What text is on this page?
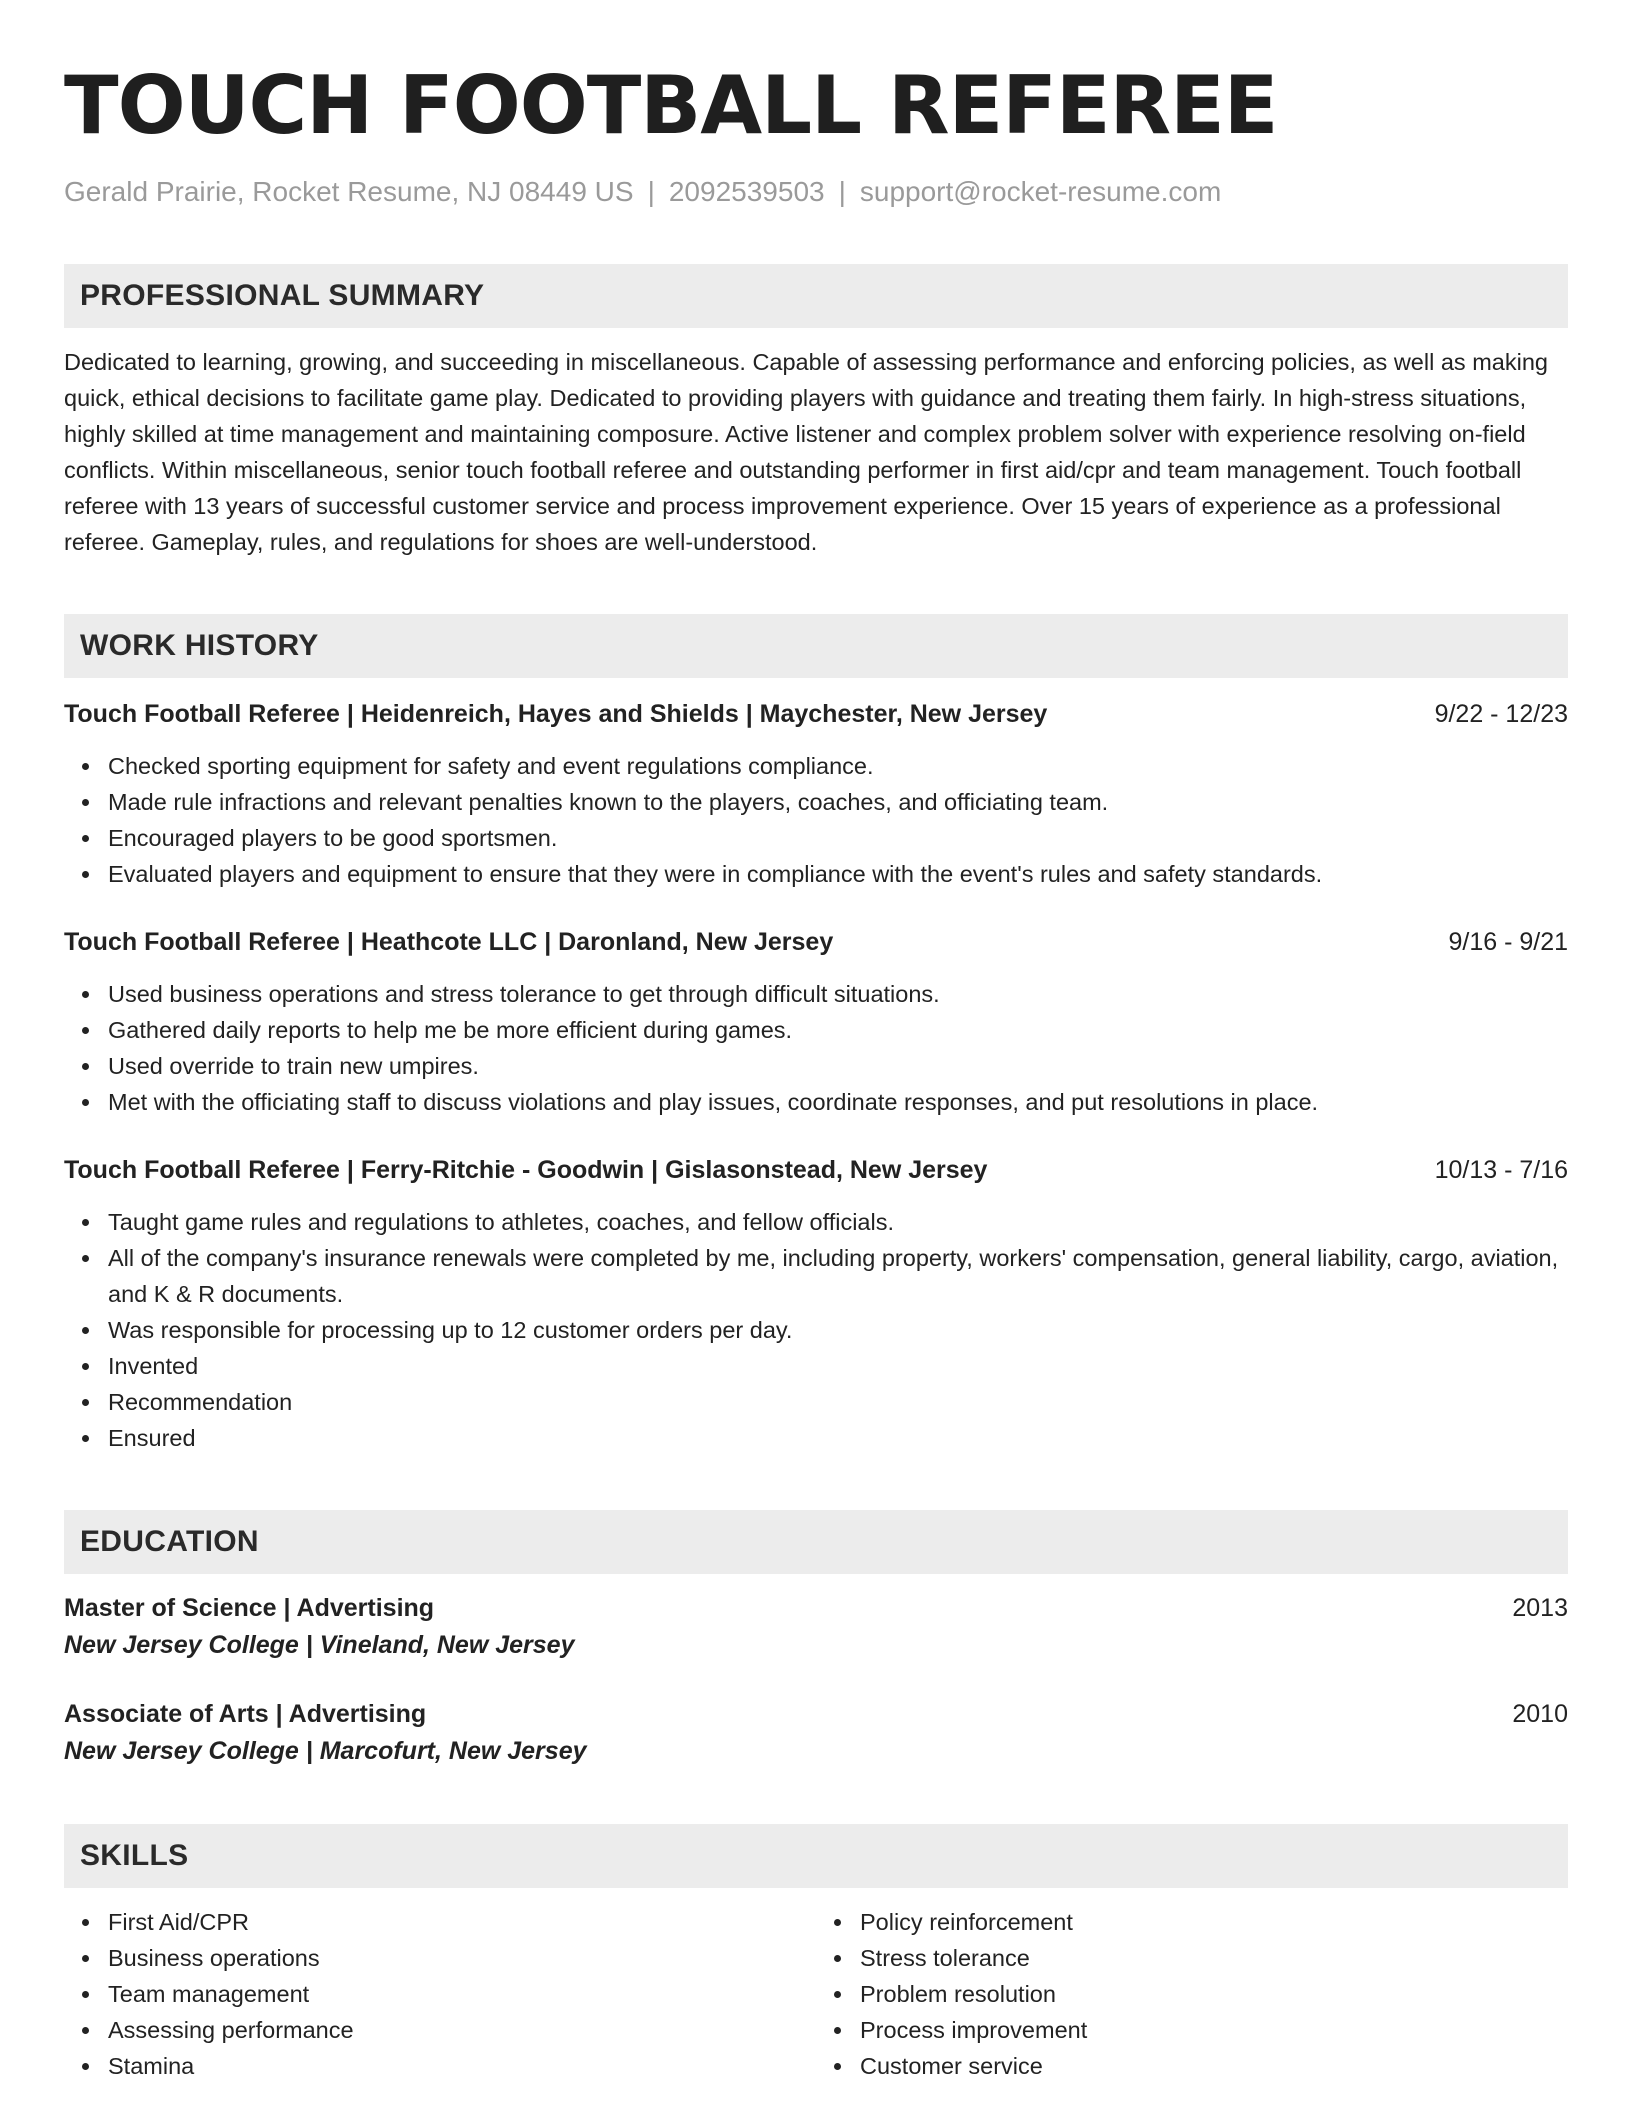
TOUCH FOOTBALL REFEREE
Gerald Prairie, Rocket Resume, NJ 08449 US | 2092539503 | support@rocket-resume.com
PROFESSIONAL SUMMARY

Dedicated to learning, growing, and succeeding in miscellaneous. Capable of assessing performance and enforcing policies, as well as making quick, ethical decisions to facilitate game play. Dedicated to providing players with guidance and treating them fairly. In high-stress situations, highly skilled at time management and maintaining composure. Active listener and complex problem solver with experience resolving on-field conflicts. Within miscellaneous, senior touch football referee and outstanding performer in first aid/cpr and team management. Touch football referee with 13 years of successful customer service and process improvement experience. Over 15 years of experience as a professional referee. Gameplay, rules, and regulations for shoes are well-understood.

WORK HISTORY
Touch Football Referee | Heidenreich, Hayes and Shields | Maychester, New Jersey	9/22 - 12/23
Checked sporting equipment for safety and event regulations compliance.
Made rule infractions and relevant penalties known to the players, coaches, and officiating team.
Encouraged players to be good sportsmen.
Evaluated players and equipment to ensure that they were in compliance with the event's rules and safety standards.
Touch Football Referee | Heathcote LLC | Daronland, New Jersey	9/16 - 9/21
Used business operations and stress tolerance to get through difficult situations.
Gathered daily reports to help me be more efficient during games.
Used override to train new umpires.
Met with the officiating staff to discuss violations and play issues, coordinate responses, and put resolutions in place.
Touch Football Referee | Ferry-Ritchie - Goodwin | Gislasonstead, New Jersey	10/13 - 7/16
Taught game rules and regulations to athletes, coaches, and fellow officials.
All of the company's insurance renewals were completed by me, including property, workers' compensation, general liability, cargo, aviation, and K & R documents.
Was responsible for processing up to 12 customer orders per day.
Invented
Recommendation
Ensured
EDUCATION
Master of Science | Advertising	2013
New Jersey College | Vineland, New Jersey
Associate of Arts | Advertising	2010
New Jersey College | Marcofurt, New Jersey
SKILLS
First Aid/CPR
Business operations
Team management
Assessing performance
Stamina
Policy reinforcement
Stress tolerance
Problem resolution
Process improvement
Customer service
